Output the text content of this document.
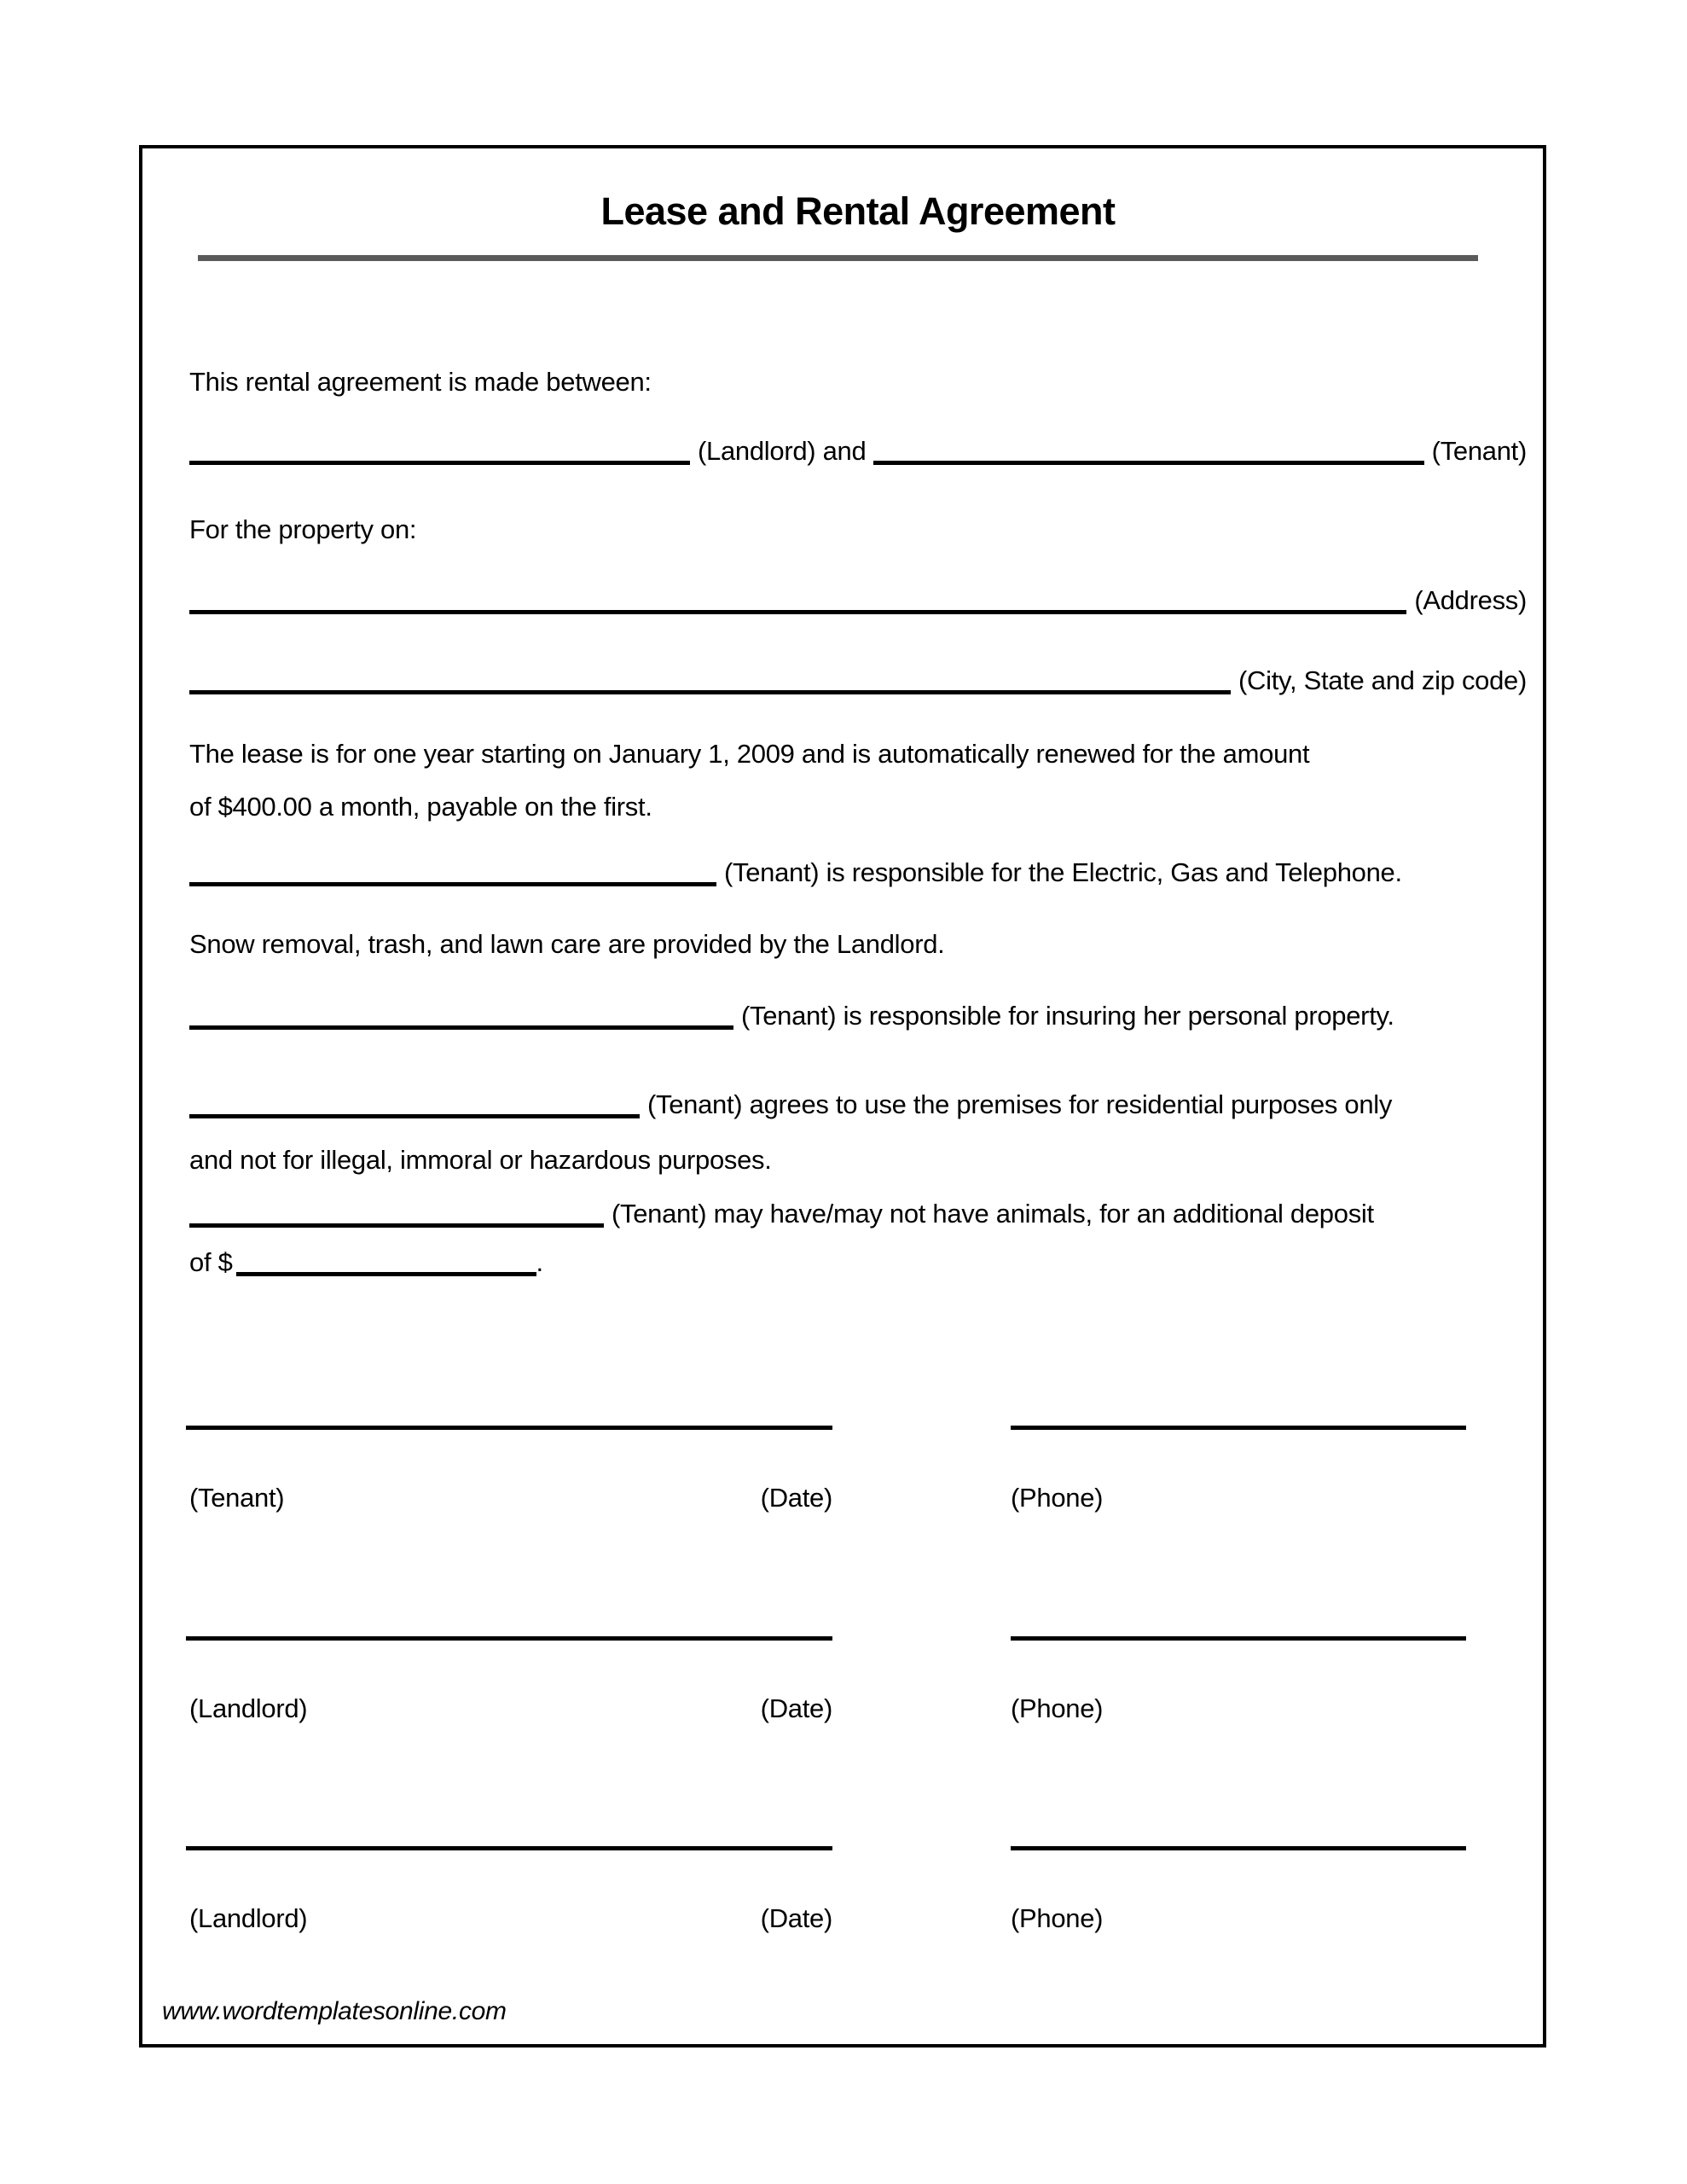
Lease and Rental Agreement
This rental agreement is made between:
(Landlord) and	(Tenant)
For the property on:
(Address)
(City, State and zip code)
The lease is for one year starting on January 1, 2009 and is automatically renewed for the amount
of $400.00 a month, payable on the first.
(Tenant) is responsible for the Electric, Gas and Telephone.
Snow removal, trash, and lawn care are provided by the Landlord.
(Tenant) is responsible for insuring her personal property.
(Tenant) agrees to use the premises for residential purposes only
and not for illegal, immoral or hazardous purposes.
(Tenant) may have/may not have animals, for an additional deposit
of $	.
(Tenant)	(Date)	(Phone)
(Landlord)	(Date)	(Phone)
(Landlord)	(Date)	(Phone)
www.wordtemplatesonline.com
